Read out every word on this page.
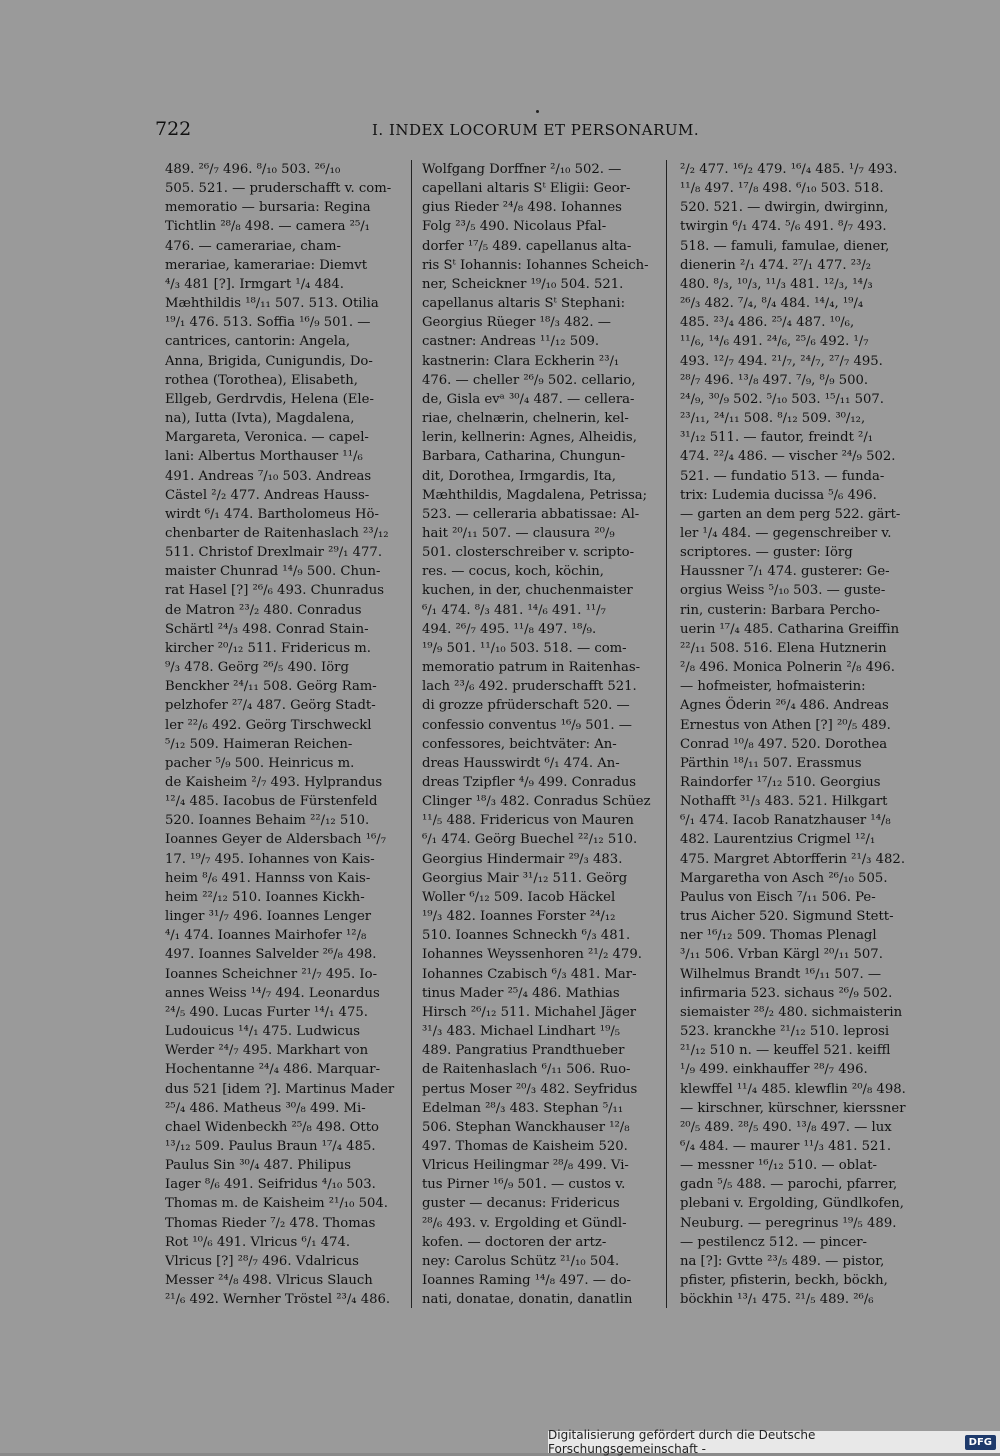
722	I. INDEX LOCORUM ET PERSONARUM.
489. ²⁶/₇ 496. ⁸/₁₀ 503. ²⁶/₁₀
505. 521. — pruderschafft v. com-
memoratio — bursaria: Regina
Tichtlin ²⁸/₈ 498. — camera ²⁵/₁
476. — camerariae, cham-
merariae, kamerariae: Diemvt
⁴/₃ 481 [?]. Irmgart ¹/₄ 484.
Mæhthildis ¹⁸/₁₁ 507. 513. Otilia
¹⁹/₁ 476. 513. Soffia ¹⁶/₉ 501. —
cantrices, cantorin: Angela,
Anna, Brigida, Cunigundis, Do-
rothea (Torothea), Elisabeth,
Ellgeb, Gerdrvdis, Helena (Ele-
na), Iutta (Ivta), Magdalena,
Margareta, Veronica. — capel-
lani: Albertus Morthauser ¹¹/₆
491. Andreas ⁷/₁₀ 503. Andreas
Cästel ²/₂ 477. Andreas Hauss-
wirdt ⁶/₁ 474. Bartholomeus Hö-
chenbarter de Raitenhaslach ²³/₁₂
511. Christof Drexlmair ²⁹/₁ 477.
maister Chunrad ¹⁴/₉ 500. Chun-
rat Hasel [?] ²⁶/₆ 493. Chunradus
de Matron ²³/₂ 480. Conradus
Schärtl ²⁴/₃ 498. Conrad Stain-
kircher ²⁰/₁₂ 511. Fridericus m.
⁹/₃ 478. Geörg ²⁶/₅ 490. Iörg
Benckher ²⁴/₁₁ 508. Geörg Ram-
pelzhofer ²⁷/₄ 487. Geörg Stadt-
ler ²²/₆ 492. Geörg Tirschweckl
⁵/₁₂ 509. Haimeran Reichen-
pacher ⁵/₉ 500. Heinricus m.
de Kaisheim ²/₇ 493. Hylprandus
¹²/₄ 485. Iacobus de Fürstenfeld
520. Ioannes Behaim ²²/₁₂ 510.
Ioannes Geyer de Aldersbach ¹⁶/₇
17. ¹⁹/₇ 495. Iohannes von Kais-
heim ⁸/₆ 491. Hannss von Kais-
heim ²²/₁₂ 510. Ioannes Kickh-
linger ³¹/₇ 496. Ioannes Lenger
⁴/₁ 474. Ioannes Mairhofer ¹²/₈
497. Ioannes Salvelder ²⁶/₈ 498.
Ioannes Scheichner ²¹/₇ 495. Io-
annes Weiss ¹⁴/₇ 494. Leonardus
²⁴/₅ 490. Lucas Furter ¹⁴/₁ 475.
Ludouicus ¹⁴/₁ 475. Ludwicus
Werder ²⁴/₇ 495. Markhart von
Hochentanne ²⁴/₄ 486. Marquar-
dus 521 [idem ?]. Martinus Mader
²⁵/₄ 486. Matheus ³⁰/₈ 499. Mi-
chael Widenbeckh ²⁵/₈ 498. Otto
¹³/₁₂ 509. Paulus Braun ¹⁷/₄ 485.
Paulus Sin ³⁰/₄ 487. Philipus
Iager ⁸/₆ 491. Seifridus ⁴/₁₀ 503.
Thomas m. de Kaisheim ²¹/₁₀ 504.
Thomas Rieder ⁷/₂ 478. Thomas
Rot ¹⁰/₆ 491. Vlricus ⁶/₁ 474.
Vlricus [?] ²⁸/₇ 496. Vdalricus
Messer ²⁴/₈ 498. Vlricus Slauch
²¹/₆ 492. Wernher Tröstel ²³/₄ 486.
Wolfgang Dorffner ²/₁₀ 502. —
capellani altaris Sᵗ Eligii: Geor-
gius Rieder ²⁴/₈ 498. Iohannes
Folg ²³/₅ 490. Nicolaus Pfal-
dorfer ¹⁷/₅ 489. capellanus alta-
ris Sᵗ Iohannis: Iohannes Scheich-
ner, Scheickner ¹⁹/₁₀ 504. 521.
capellanus altaris Sᵗ Stephani:
Georgius Rüeger ¹⁸/₃ 482. —
castner: Andreas ¹¹/₁₂ 509.
kastnerin: Clara Eckherin ²³/₁
476. — cheller ²⁶/₉ 502. cellario,
de, Gisla evᵃ ³⁰/₄ 487. — cellera-
riae, chelnærin, chelnerin, kel-
lerin, kellnerin: Agnes, Alheidis,
Barbara, Catharina, Chungun-
dit, Dorothea, Irmgardis, Ita,
Mæhthildis, Magdalena, Petrissa;
523. — celleraria abbatissae: Al-
hait ²⁰/₁₁ 507. — clausura ²⁰/₉
501. closterschreiber v. scripto-
res. — cocus, koch, köchin,
kuchen, in der, chuchenmaister
⁶/₁ 474. ⁸/₃ 481. ¹⁴/₆ 491. ¹¹/₇
494. ²⁶/₇ 495. ¹¹/₈ 497. ¹⁸/₉.
¹⁹/₉ 501. ¹¹/₁₀ 503. 518. — com-
memoratio patrum in Raitenhas-
lach ²³/₆ 492. pruderschafft 521.
di grozze pfrüderschaft 520. —
confessio conventus ¹⁶/₉ 501. —
confessores, beichtväter: An-
dreas Hausswirdt ⁶/₁ 474. An-
dreas Tzipfler ⁴/₉ 499. Conradus
Clinger ¹⁸/₃ 482. Conradus Schüez
¹¹/₅ 488. Fridericus von Mauren
⁶/₁ 474. Geörg Buechel ²²/₁₂ 510.
Georgius Hindermair ²⁹/₃ 483.
Georgius Mair ³¹/₁₂ 511. Geörg
Woller ⁶/₁₂ 509. Iacob Häckel
¹⁹/₃ 482. Ioannes Forster ²⁴/₁₂
510. Ioannes Schneckh ⁶/₃ 481.
Iohannes Weyssenhoren ²¹/₂ 479.
Iohannes Czabisch ⁶/₃ 481. Mar-
tinus Mader ²⁵/₄ 486. Mathias
Hirsch ²⁶/₁₂ 511. Michahel Jäger
³¹/₃ 483. Michael Lindhart ¹⁹/₅
489. Pangratius Prandthueber
de Raitenhaslach ⁶/₁₁ 506. Ruo-
pertus Moser ²⁰/₃ 482. Seyfridus
Edelman ²⁸/₃ 483. Stephan ⁵/₁₁
506. Stephan Wanckhauser ¹²/₈
497. Thomas de Kaisheim 520.
Vlricus Heilingmar ²⁸/₈ 499. Vi-
tus Pirner ¹⁶/₉ 501. — custos v.
guster — decanus: Fridericus
²⁸/₆ 493. v. Ergolding et Gündl-
kofen. — doctoren der artz-
ney: Carolus Schütz ²¹/₁₀ 504.
Ioannes Raming ¹⁴/₈ 497. — do-
nati, donatae, donatin, danatlin
²/₂ 477. ¹⁶/₂ 479. ¹⁶/₄ 485. ¹/₇ 493.
¹¹/₈ 497. ¹⁷/₈ 498. ⁶/₁₀ 503. 518.
520. 521. — dwirgin, dwirginn,
twirgin ⁶/₁ 474. ⁵/₆ 491. ⁸/₇ 493.
518. — famuli, famulae, diener,
dienerin ²/₁ 474. ²⁷/₁ 477. ²³/₂
480. ⁸/₃, ¹⁰/₃, ¹¹/₃ 481. ¹²/₃, ¹⁴/₃
²⁶/₃ 482. ⁷/₄, ⁸/₄ 484. ¹⁴/₄, ¹⁹/₄
485. ²³/₄ 486. ²⁵/₄ 487. ¹⁰/₆,
¹¹/₆, ¹⁴/₆ 491. ²⁴/₆, ²⁵/₆ 492. ¹/₇
493. ¹²/₇ 494. ²¹/₇, ²⁴/₇, ²⁷/₇ 495.
²⁸/₇ 496. ¹³/₈ 497. ⁷/₉, ⁸/₉ 500.
²⁴/₉, ³⁰/₉ 502. ⁵/₁₀ 503. ¹⁵/₁₁ 507.
²³/₁₁, ²⁴/₁₁ 508. ⁸/₁₂ 509. ³⁰/₁₂,
³¹/₁₂ 511. — fautor, freindt ²/₁
474. ²²/₄ 486. — vischer ²⁴/₉ 502.
521. — fundatio 513. — funda-
trix: Ludemia ducissa ⁵/₆ 496.
— garten an dem perg 522. gärt-
ler ¹/₄ 484. — gegenschreiber v.
scriptores. — guster: Iörg
Haussner ⁷/₁ 474. gusterer: Ge-
orgius Weiss ⁵/₁₀ 503. — guste-
rin, custerin: Barbara Percho-
uerin ¹⁷/₄ 485. Catharina Greiffin
²²/₁₁ 508. 516. Elena Hutznerin
²/₈ 496. Monica Polnerin ²/₈ 496.
— hofmeister, hofmaisterin:
Agnes Öderin ²⁶/₄ 486. Andreas
Ernestus von Athen [?] ²⁰/₅ 489.
Conrad ¹⁰/₈ 497. 520. Dorothea
Pärthin ¹⁸/₁₁ 507. Erassmus
Raindorfer ¹⁷/₁₂ 510. Georgius
Nothafft ³¹/₃ 483. 521. Hilkgart
⁶/₁ 474. Iacob Ranatzhauser ¹⁴/₈
482. Laurentzius Crigmel ¹²/₁
475. Margret Abtorfferin ²¹/₃ 482.
Margaretha von Asch ²⁶/₁₀ 505.
Paulus von Eisch ⁷/₁₁ 506. Pe-
trus Aicher 520. Sigmund Stett-
ner ¹⁶/₁₂ 509. Thomas Plenagl
³/₁₁ 506. Vrban Kärgl ²⁰/₁₁ 507.
Wilhelmus Brandt ¹⁶/₁₁ 507. —
infirmaria 523. sichaus ²⁶/₉ 502.
siemaister ²⁸/₂ 480. sichmaisterin
523. kranckhe ²¹/₁₂ 510. leprosi
²¹/₁₂ 510 n. — keuffel 521. keiffl
¹/₉ 499. einkhauffer ²⁸/₇ 496.
klewffel ¹¹/₄ 485. klewflin ²⁰/₈ 498.
— kirschner, kürschner, kierssner
²⁰/₅ 489. ²⁸/₅ 490. ¹³/₈ 497. — lux
⁶/₄ 484. — maurer ¹¹/₃ 481. 521.
— messner ¹⁶/₁₂ 510. — oblat-
gadn ⁵/₅ 488. — parochi, pfarrer,
plebani v. Ergolding, Gündlkofen,
Neuburg. — peregrinus ¹⁹/₅ 489.
— pestilencz 512. — pincer-
na [?]: Gvtte ²³/₅ 489. — pistor,
pfister, pfisterin, beckh, böckh,
böckhin ¹³/₁ 475. ²¹/₅ 489. ²⁶/₆
Digitalisierung gefördert durch die Deutsche Forschungsgemeinschaft -	DFG
